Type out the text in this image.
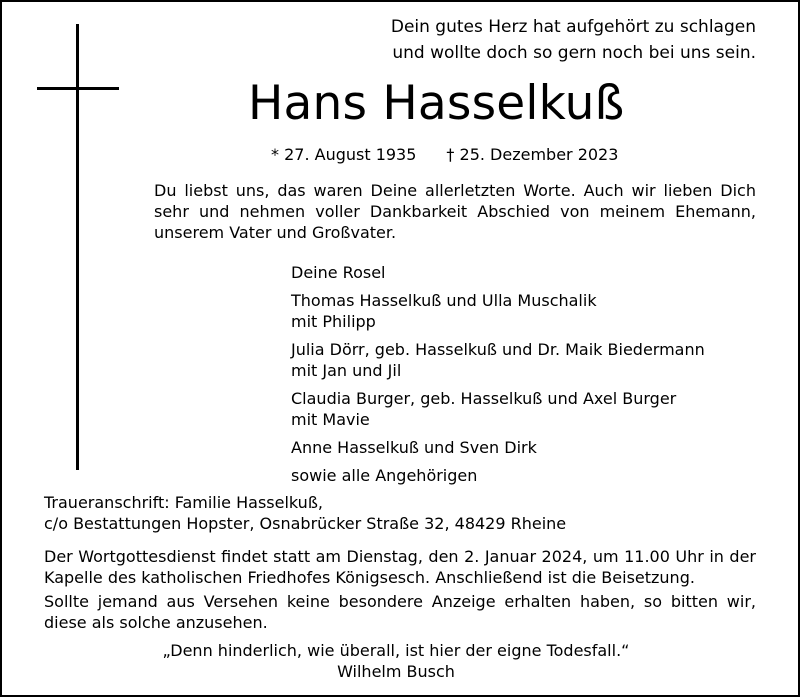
Dein gutes Herz hat aufgehört zu schlagen
und wollte doch so gern noch bei uns sein.
Hans Hasselkuß
* 27. August 1935 † 25. Dezember 2023
Du liebst uns, das waren Deine allerletzten Worte. Auch wir lieben Dich sehr und nehmen voller Dankbarkeit Abschied von meinem Ehemann, unserem Vater und Großvater.
Deine Rosel
Thomas Hasselkuß und Ulla Muschalik
mit Philipp
Julia Dörr, geb. Hasselkuß und Dr. Maik Biedermann
mit Jan und Jil
Claudia Burger, geb. Hasselkuß und Axel Burger
mit Mavie
Anne Hasselkuß und Sven Dirk
sowie alle Angehörigen
Traueranschrift: Familie Hasselkuß,
c/o Bestattungen Hopster, Osnabrücker Straße 32, 48429 Rheine
Der Wortgottesdienst findet statt am Dienstag, den 2. Januar 2024, um 11.00 Uhr in der Kapelle des katholischen Friedhofes Königsesch. Anschließend ist die Beisetzung.
Sollte jemand aus Versehen keine besondere Anzeige erhalten haben, so bitten wir, diese als solche anzusehen.
„Denn hinderlich, wie überall, ist hier der eigne Todesfall.“
Wilhelm Busch
